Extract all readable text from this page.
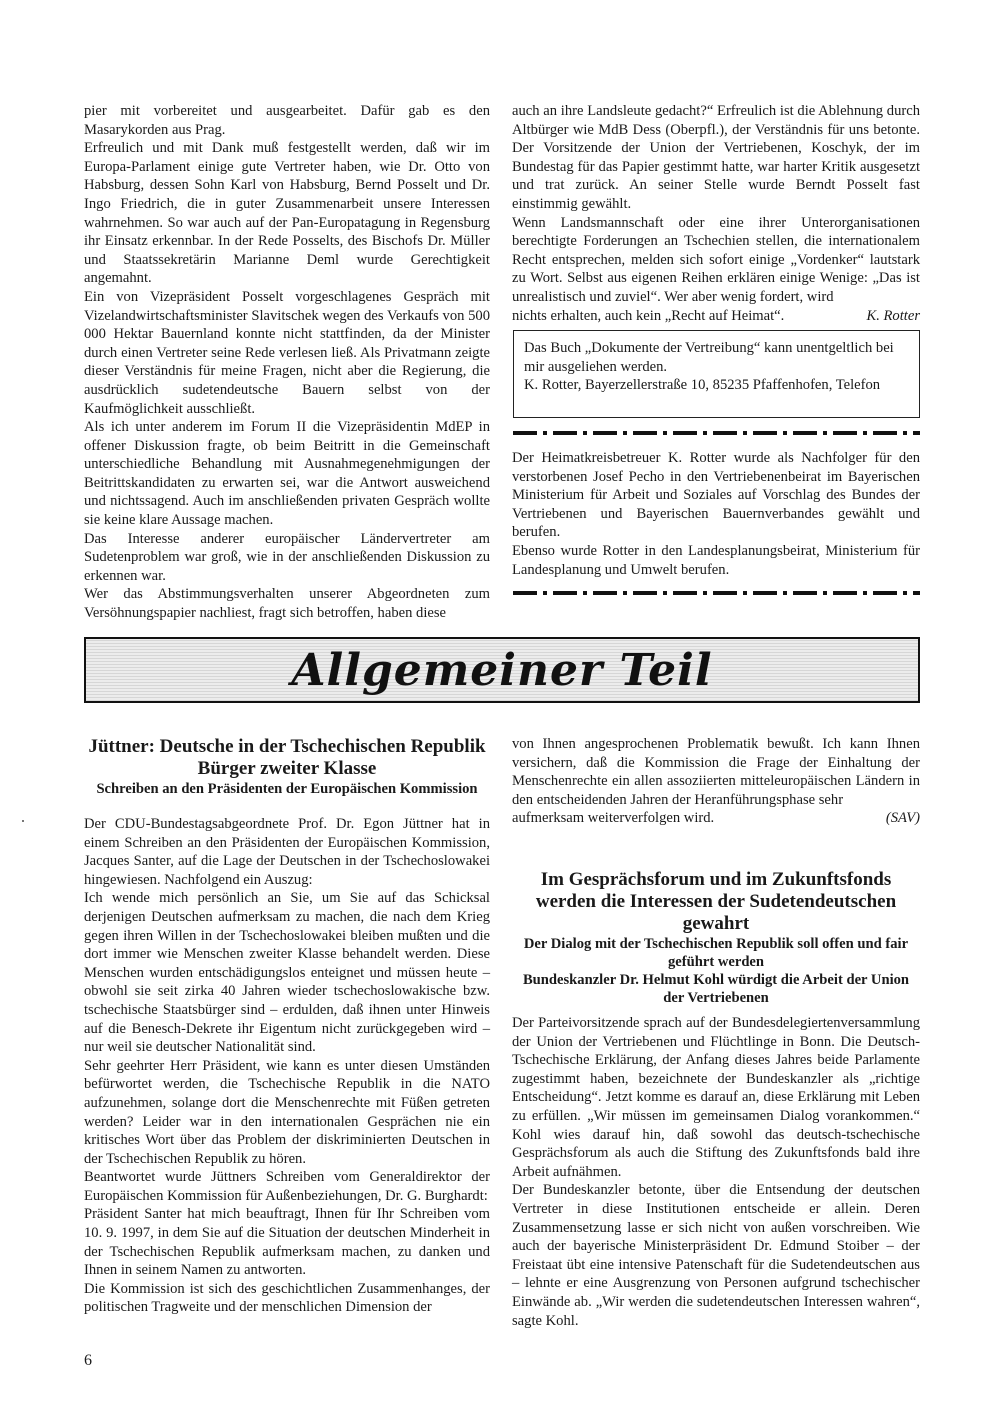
pier mit vorbereitet und ausgearbeitet. Dafür gab es den Masarykorden aus Prag.

Erfreulich und mit Dank muß festgestellt werden, daß wir im Europa-Parlament einige gute Vertreter haben, wie Dr. Otto von Habsburg, dessen Sohn Karl von Habsburg, Bernd Posselt und Dr. Ingo Friedrich, die in guter Zusammenarbeit unsere Interessen wahrnehmen. So war auch auf der Pan-Europatagung in Regensburg ihr Einsatz erkennbar. In der Rede Posselts, des Bischofs Dr. Müller und Staatssekretärin Marianne Deml wurde Gerechtigkeit angemahnt.

Ein von Vizepräsident Posselt vorgeschlagenes Gespräch mit Vizelandwirtschaftsminister Slavitschek wegen des Verkaufs von 500 000 Hektar Bauernland konnte nicht stattfinden, da der Minister durch einen Vertreter seine Rede verlesen ließ. Als Privatmann zeigte dieser Verständnis für meine Fragen, nicht aber die Regierung, die ausdrücklich sudetendeutsche Bauern selbst von der Kaufmöglichkeit ausschließt.

Als ich unter anderem im Forum II die Vizepräsidentin MdEP in offener Diskussion fragte, ob beim Beitritt in die Gemeinschaft unterschiedliche Behandlung mit Ausnahmegenehmigungen der Beitrittskandidaten zu erwarten sei, war die Antwort ausweichend und nichtssagend. Auch im anschließenden privaten Gespräch wollte sie keine klare Aussage machen.

Das Interesse anderer europäischer Ländervertreter am Sudetenproblem war groß, wie in der anschließenden Diskussion zu erkennen war.

Wer das Abstimmungsverhalten unserer Abgeordneten zum Versöhnungspapier nachliest, fragt sich betroffen, haben diese

auch an ihre Landsleute gedacht?“ Erfreulich ist die Ablehnung durch Altbürger wie MdB Dess (Oberpfl.), der Verständnis für uns betonte. Der Vorsitzende der Union der Vertriebenen, Koschyk, der im Bundestag für das Papier gestimmt hatte, war harter Kritik ausgesetzt und trat zurück. An seiner Stelle wurde Berndt Posselt fast einstimmig gewählt.

Wenn Landsmannschaft oder eine ihrer Unterorganisationen berechtigte Forderungen an Tschechien stellen, die internationalem Recht entsprechen, melden sich sofort einige „Vordenker“ lautstark zu Wort. Selbst aus eigenen Reihen erklären einige Wenige: „Das ist unrealistisch und zuviel“. Wer aber wenig fordert, wird

nichts erhalten, auch kein „Recht auf Heimat“.	K. Rotter

Das Buch „Dokumente der Vertreibung“ kann unentgeltlich bei mir ausgeliehen werden.

K. Rotter, Bayerzellerstraße 10, 85235 Pfaffenhofen, Telefon

Der Heimatkreisbetreuer K. Rotter wurde als Nachfolger für den verstorbenen Josef Pecho in den Vertriebenenbeirat im Bayerischen Ministerium für Arbeit und Soziales auf Vorschlag des Bundes der Vertriebenen und Bayerischen Bauernverbandes gewählt und berufen.

Ebenso wurde Rotter in den Landesplanungsbeirat, Ministerium für Landesplanung und Umwelt berufen.

Allgemeiner Teil
Jüttner: Deutsche in der Tschechischen Republik Bürger zweiter Klasse
Schreiben an den Präsidenten der Europäischen Kommission

Der CDU-Bundestagsabgeordnete Prof. Dr. Egon Jüttner hat in einem Schreiben an den Präsidenten der Europäischen Kommission, Jacques Santer, auf die Lage der Deutschen in der Tschechoslowakei hingewiesen. Nachfolgend ein Auszug:

Ich wende mich persönlich an Sie, um Sie auf das Schicksal derjenigen Deutschen aufmerksam zu machen, die nach dem Krieg gegen ihren Willen in der Tschechoslowakei bleiben mußten und die dort immer wie Menschen zweiter Klasse behandelt werden. Diese Menschen wurden entschädigungslos enteignet und müssen heute – obwohl sie seit zirka 40 Jahren wieder tschechoslowakische bzw. tschechische Staatsbürger sind – erdulden, daß ihnen unter Hinweis auf die Benesch-Dekrete ihr Eigentum nicht zurückgegeben wird – nur weil sie deutscher Nationalität sind.

Sehr geehrter Herr Präsident, wie kann es unter diesen Umständen befürwortet werden, die Tschechische Republik in die NATO aufzunehmen, solange dort die Menschenrechte mit Füßen getreten werden? Leider war in den internationalen Gesprächen nie ein kritisches Wort über das Problem der diskriminierten Deutschen in der Tschechischen Republik zu hören.

Beantwortet wurde Jüttners Schreiben vom Generaldirektor der Europäischen Kommission für Außenbeziehungen, Dr. G. Burghardt:

Präsident Santer hat mich beauftragt, Ihnen für Ihr Schreiben vom 10. 9. 1997, in dem Sie auf die Situation der deutschen Minderheit in der Tschechischen Republik aufmerksam machen, zu danken und Ihnen in seinem Namen zu antworten.

Die Kommission ist sich des geschichtlichen Zusammenhanges, der politischen Tragweite und der menschlichen Dimension der

von Ihnen angesprochenen Problematik bewußt. Ich kann Ihnen versichern, daß die Kommission die Frage der Einhaltung der Menschenrechte ein allen assoziierten mitteleuropäischen Ländern in den entscheidenden Jahren der Heranführungsphase sehr

aufmerksam weiterverfolgen wird.	(SAV)

Im Gesprächsforum und im Zukunftsfonds werden die Interessen der Sudetendeutschen gewahrt
Der Dialog mit der Tschechischen Republik soll offen und fair geführt werden
Bundeskanzler Dr. Helmut Kohl würdigt die Arbeit der Union der Vertriebenen

Der Parteivorsitzende sprach auf der Bundesdelegiertenversammlung der Union der Vertriebenen und Flüchtlinge in Bonn. Die Deutsch-Tschechische Erklärung, der Anfang dieses Jahres beide Parlamente zugestimmt haben, bezeichnete der Bundeskanzler als „richtige Entscheidung“. Jetzt komme es darauf an, diese Erklärung mit Leben zu erfüllen. „Wir müssen im gemeinsamen Dialog vorankommen.“ Kohl wies darauf hin, daß sowohl das deutsch-tschechische Gesprächsforum als auch die Stiftung des Zukunftsfonds bald ihre Arbeit aufnähmen.

Der Bundeskanzler betonte, über die Entsendung der deutschen Vertreter in diese Institutionen entscheide er allein. Deren Zusammensetzung lasse er sich nicht von außen vorschreiben. Wie auch der bayerische Ministerpräsident Dr. Edmund Stoiber – der Freistaat übt eine intensive Patenschaft für die Sudetendeutschen aus – lehnte er eine Ausgrenzung von Personen aufgrund tschechischer Einwände ab. „Wir werden die sudetendeutschen Interessen wahren“, sagte Kohl.

6
